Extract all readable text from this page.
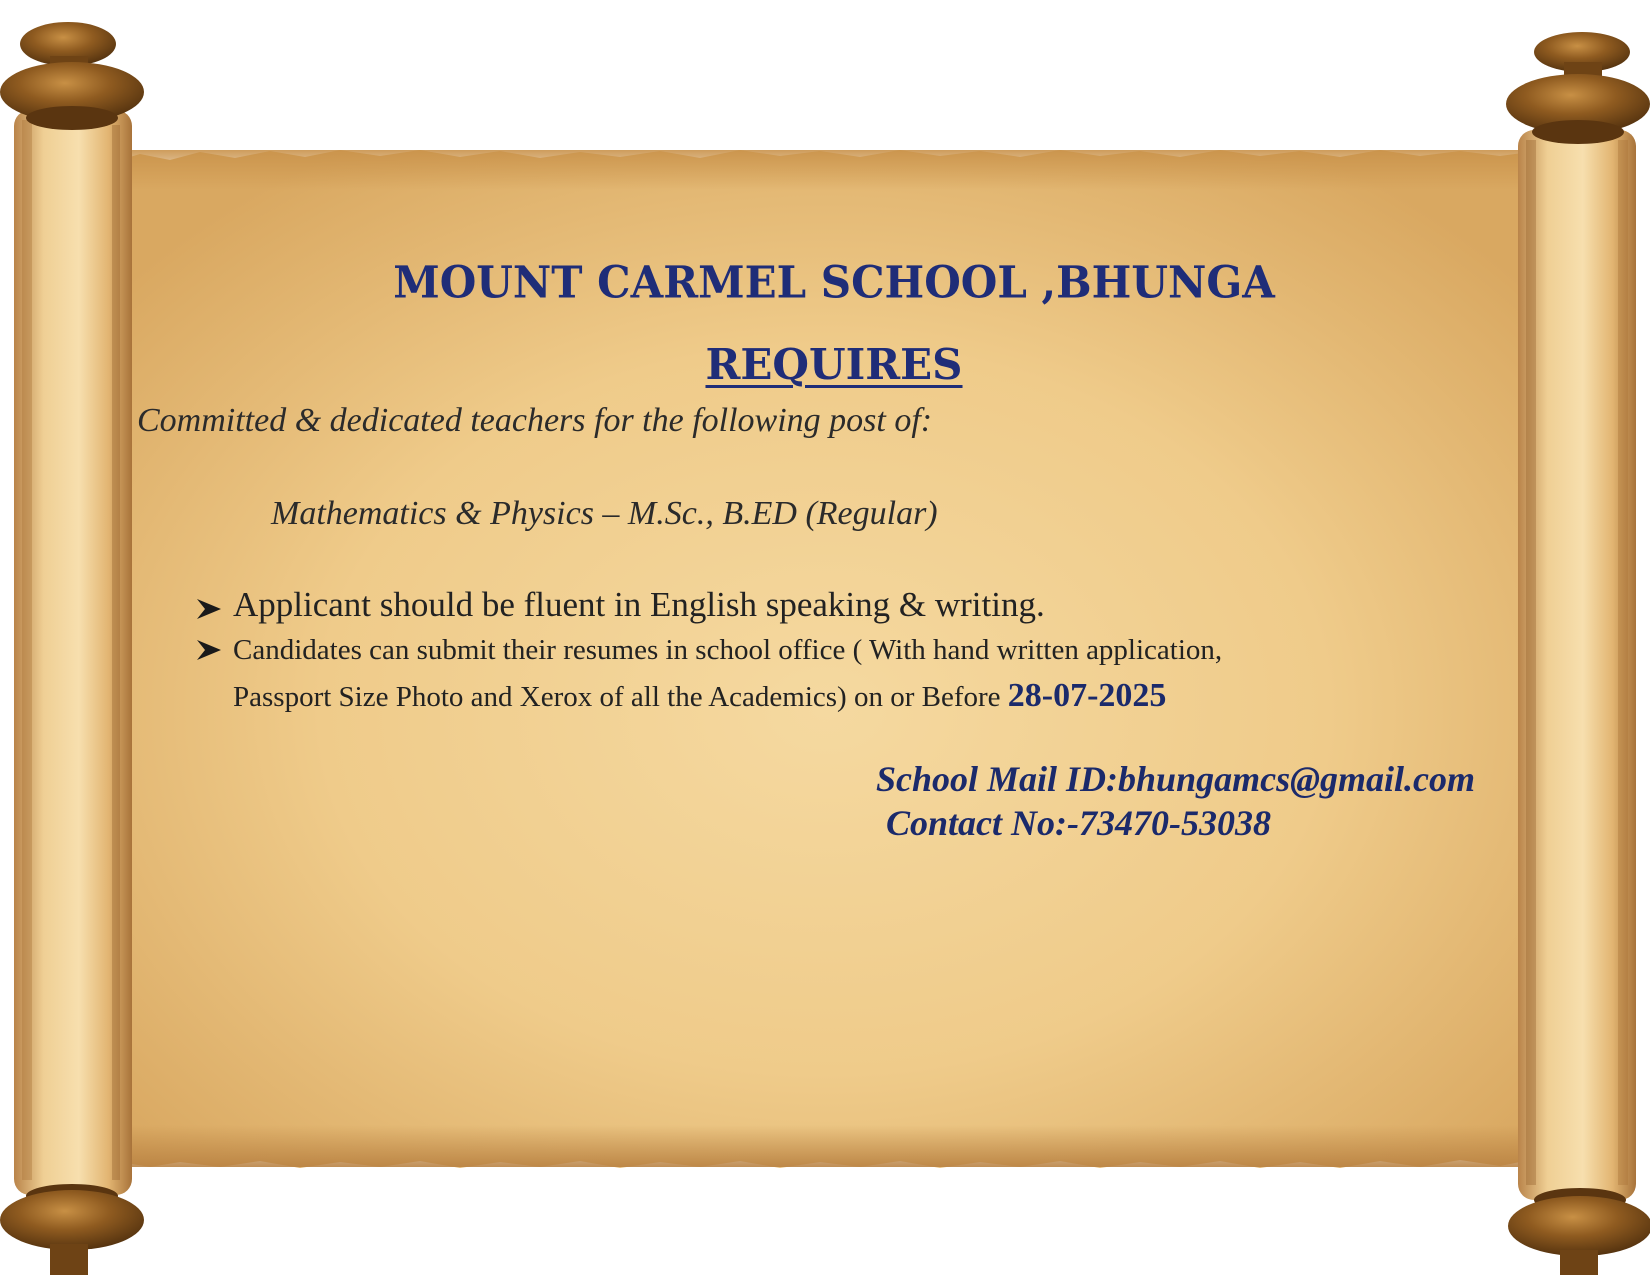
MOUNT CARMEL SCHOOL ,BHUNGA
REQUIRES
Committed & dedicated teachers for the following post of:
Mathematics & Physics – M.Sc., B.ED (Regular)
Applicant should be fluent in English speaking & writing.
Candidates can submit their resumes in school office ( With hand written application,
Passport Size Photo and Xerox of all the Academics) on or Before 28-07-2025
School Mail ID:bhungamcs@gmail.com
Contact No:-73470-53038
